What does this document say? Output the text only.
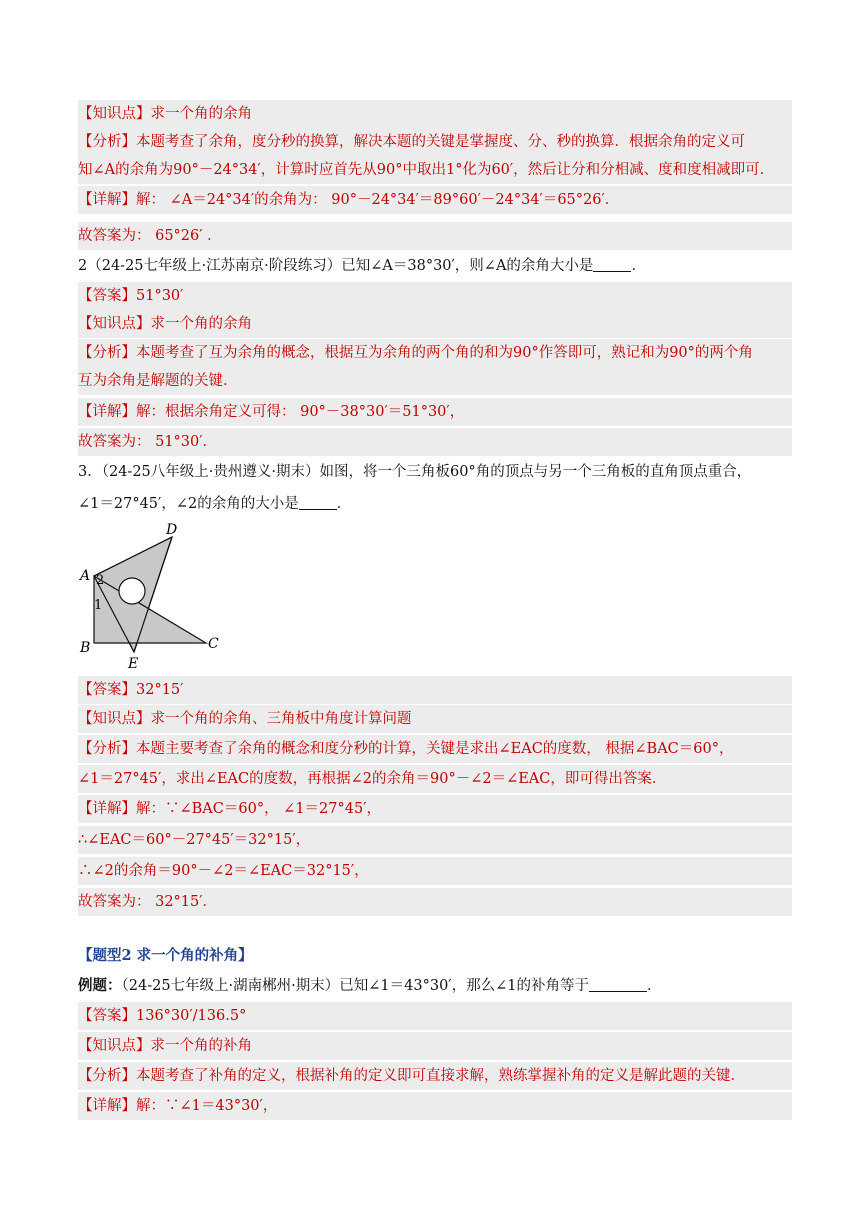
【知识点】求一个角的余角
【分析】本题考查了余角，度分秒的换算，解决本题的关键是掌握度、分、秒的换算．根据余角的定义可
知∠A的余角为90°－24°34′，计算时应首先从90°中取出1°化为60′，然后让分和分相减、度和度相减即可．
【详解】解： ∠A＝24°34′的余角为： 90°－24°34′＝89°60′－24°34′＝65°26′．
故答案为： 65°26′ ．
2（24-25七年级上·江苏南京·阶段练习）已知∠A＝38°30′，则∠A的余角大小是	．
【答案】51°30′
【知识点】求一个角的余角
【分析】本题考查了互为余角的概念，根据互为余角的两个角的和为90°作答即可，熟记和为90°的两个角
互为余角是解题的关键．
【详解】解：根据余角定义可得： 90°－38°30′＝51°30′，
故答案为： 51°30′．
3．（24-25八年级上·贵州遵义·期末）如图，将一个三角板60°角的顶点与另一个三角板的直角顶点重合，
∠1＝27°45′，∠2的余角的大小是	．
D
A 2
1
B	C
E
【答案】32°15′
【知识点】求一个角的余角、三角板中角度计算问题
【分析】本题主要考查了余角的概念和度分秒的计算，关键是求出∠EAC的度数， 根据∠BAC＝60°，
∠1＝27°45′，求出∠EAC的度数，再根据∠2的余角＝90°－∠2＝∠EAC，即可得出答案．
【详解】解：∵∠BAC＝60°， ∠1＝27°45′，
∴∠EAC＝60°－27°45′＝32°15′，
∴∠2的余角＝90°－∠2＝∠EAC＝32°15′，
故答案为： 32°15′．
【题型2 求一个角的补角】
例题：（24-25七年级上·湖南郴州·期末）已知∠1＝43°30′，那么∠1的补角等于	．
【答案】136°30′/136.5°
【知识点】求一个角的补角
【分析】本题考查了补角的定义，根据补角的定义即可直接求解，熟练掌握补角的定义是解此题的关键．
【详解】解：∵∠1＝43°30′，
